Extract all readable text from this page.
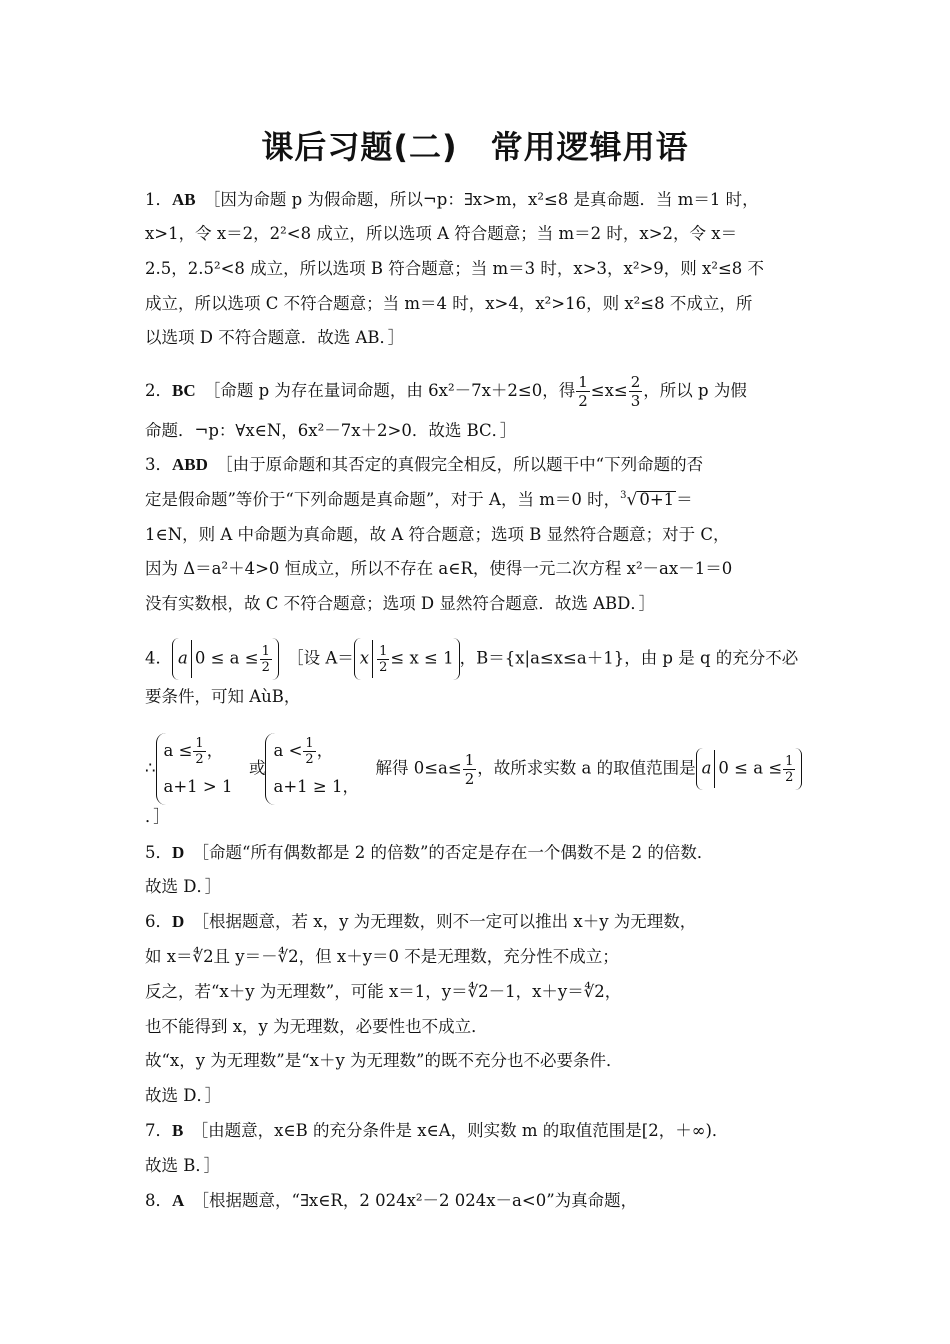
课后习题(二)　常用逻辑用语
1．AB　 ［因为命题 p 为假命题，所以¬p：∃x>m，x²≤8 是真命题．当 m＝1 时，
x>1，令 x＝2，2²<8 成立，所以选项 A 符合题意；当 m＝2 时，x>2，令 x＝
2.5，2.5²<8 成立，所以选项 B 符合题意；当 m＝3 时，x>3，x²>9，则 x²≤8 不
成立，所以选项 C 不符合题意；当 m＝4 时，x>4，x²>16，则 x²≤8 不成立，所
以选项 D 不符合题意．故选 AB．］
2．BC　 ［命题 p 为存在量词命题，由 6x²－7x＋2≤0，得 $\frac{1}{2} \le x\le \frac{2}{3}$ ，所以 p 为假
命题．¬p：∀x∈N，6x²－7x＋2>0．故选 BC．］
3．ABD　 ［由于原命题和其否定的真假完全相反，所以题干中“下列命题的否
定是假命题”等价于“下列命题是真命题”，对于 A，当 m＝0 时，$^3$√ 0+1 ＝
1∈N，则 A 中命题为真命题，故 A 符合题意；选项 B 显然符合题意；对于 C，
因为 Δ＝a²＋4>0 恒成立，所以不存在 a∈R，使得一元二次方程 x²－ax－1＝0
没有实数根，故 C 不符合题意；选项 D 显然符合题意．故选 ABD．］
4． a $0 \le a \le \frac{1}{2}$
　 ［设 A＝ x $\frac{1}{2} \le x \le 1$ ，B＝{x|a≤x≤a＋1}，由 p 是 q 的充分不必
要条件，可知 AùB，
∴
$a \le \frac{1}{2}$ ，
a+1 > 1
　或
$a < \frac{1}{2}$ ，
a+1 ≥ 1，
　解得 $0\le a\le \frac{1}{2}$ ，故所求实数 a 的取值范围是 a $0 \le a \le \frac{1}{2}$
．］
5．D　 ［命题“所有偶数都是 2 的倍数”的否定是存在一个偶数不是 2 的倍数．
故选 D．］
6．D　 ［根据题意，若 x，y 为无理数，则不一定可以推出 x＋y 为无理数，
如 x＝∜2且 y＝－∜2，但 x＋y＝0 不是无理数，充分性不成立；
反之，若“x＋y 为无理数”，可能 x＝1，y＝∜2－1，x＋y＝∜2，
也不能得到 x，y 为无理数，必要性也不成立．
故“x，y 为无理数”是“x＋y 为无理数”的既不充分也不必要条件．
故选 D．］
7．B　 ［由题意，x∈B 的充分条件是 x∈A，则实数 m 的取值范围是[2，＋∞)．
故选 B．］
8．A　 ［根据题意，“∃x∈R，2 024x²－2 024x－a<0”为真命题，
